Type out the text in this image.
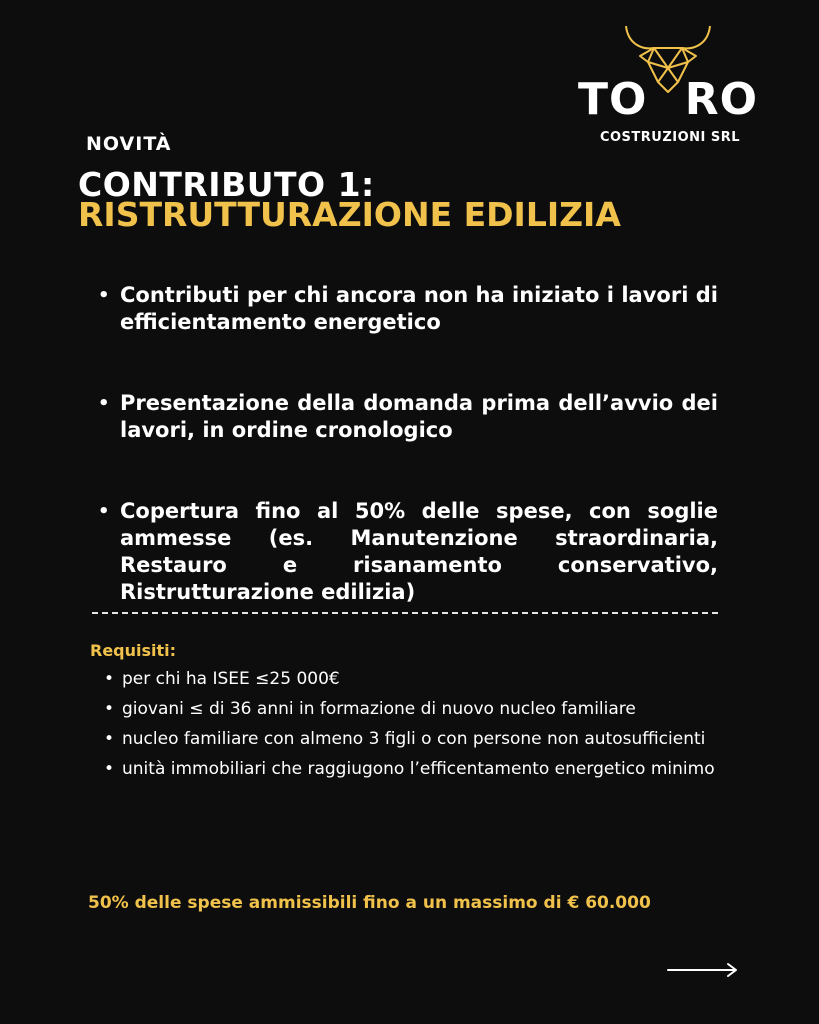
TO RO
COSTRUZIONI SRL
NOVITÀ
CONTRIBUTO 1:
RISTRUTTURAZIONE EDILIZIA
• Contributi per chi ancora non ha iniziato i lavori di efficientamento energetico
• Presentazione della domanda prima dell’avvio dei lavori, in ordine cronologico
• Copertura fino al 50% delle spese, con soglie ammesse (es. Manutenzione straordinaria, Restauro e risanamento conservativo, Ristrutturazione edilizia)
Requisiti:
• per chi ha ISEE ≤25 000€
• giovani ≤ di 36 anni in formazione di nuovo nucleo familiare
• nucleo familiare con almeno 3 figli o con persone non autosufficienti
• unità immobiliari che raggiugono l’efficentamento energetico minimo
50% delle spese ammissibili fino a un massimo di € 60.000
